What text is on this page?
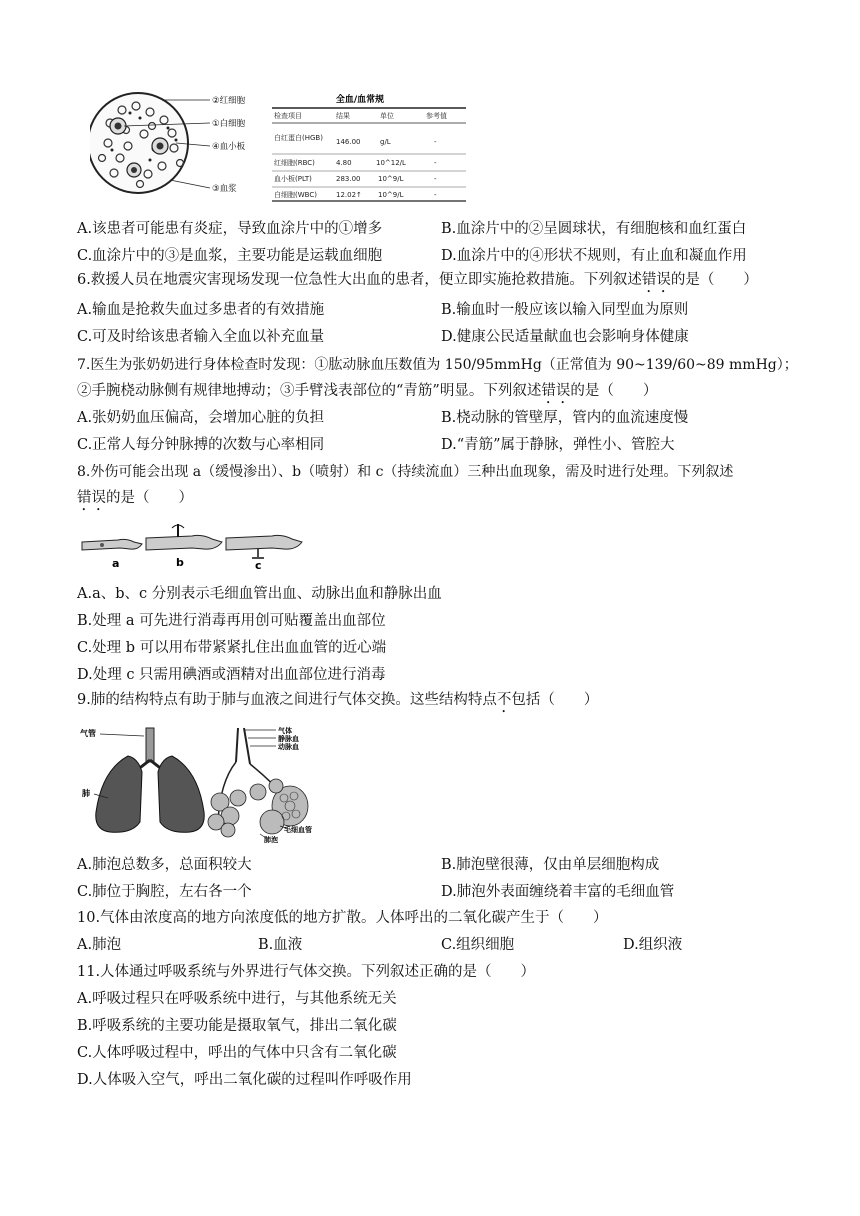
②红细胞
①白细胞
④血小板
③血浆
全血/血常规
检查项目	结果	单位	参考值
白红蛋白(HGB) 146.00	g/L	-
红细胞(RBC)	4.80	10^12/L	-
血小板(PLT)	283.00	10^9/L	-
白细胞(WBC)	12.02↑ 10^9/L	-
A.该患者可能患有炎症，导致血涂片中的①增多	B.血涂片中的②呈圆球状，有细胞核和血红蛋白
C.血涂片中的③是血浆，主要功能是运载血细胞	D.血涂片中的④形状不规则，有止血和凝血作用
6.救援人员在地震灾害现场发现一位急性大出血的患者，便立即实施抢救措施。下列叙述错误的是（　　）
A.输血是抢救失血过多患者的有效措施	B.输血时一般应该以输入同型血为原则
C.可及时给该患者输入全血以补充血量	D.健康公民适量献血也会影响身体健康
7.医生为张奶奶进行身体检查时发现：①肱动脉血压数值为 150/95mmHg（正常值为 90~139/60~89 mmHg）；
②手腕桡动脉侧有规律地搏动；③手臂浅表部位的“青筋”明显。下列叙述错误的是（　　）
A.张奶奶血压偏高，会增加心脏的负担	B.桡动脉的管壁厚，管内的血流速度慢
C.正常人每分钟脉搏的次数与心率相同	D.“青筋”属于静脉，弹性小、管腔大
8.外伤可能会出现 a（缓慢渗出）、b（喷射）和 c（持续流血）三种出血现象，需及时进行处理。下列叙述
错误的是（　　）
a	b	c
A.a、b、c 分别表示毛细血管出血、动脉出血和静脉出血
B.处理 a 可先进行消毒再用创可贴覆盖出血部位
C.处理 b 可以用布带紧紧扎住出血血管的近心端
D.处理 c 只需用碘酒或酒精对出血部位进行消毒
9.肺的结构特点有助于肺与血液之间进行气体交换。这些结构特点不包括（　　）
气管
肺
气体
静脉血
动脉血
毛细血管
肺泡
A.肺泡总数多，总面积较大	B.肺泡壁很薄，仅由单层细胞构成
C.肺位于胸腔，左右各一个	D.肺泡外表面缠绕着丰富的毛细血管
10.气体由浓度高的地方向浓度低的地方扩散。人体呼出的二氧化碳产生于（　　）
A.肺泡	B.血液	C.组织细胞	D.组织液
11.人体通过呼吸系统与外界进行气体交换。下列叙述正确的是（　　）
A.呼吸过程只在呼吸系统中进行，与其他系统无关
B.呼吸系统的主要功能是摄取氧气，排出二氧化碳
C.人体呼吸过程中，呼出的气体中只含有二氧化碳
D.人体吸入空气，呼出二氧化碳的过程叫作呼吸作用
